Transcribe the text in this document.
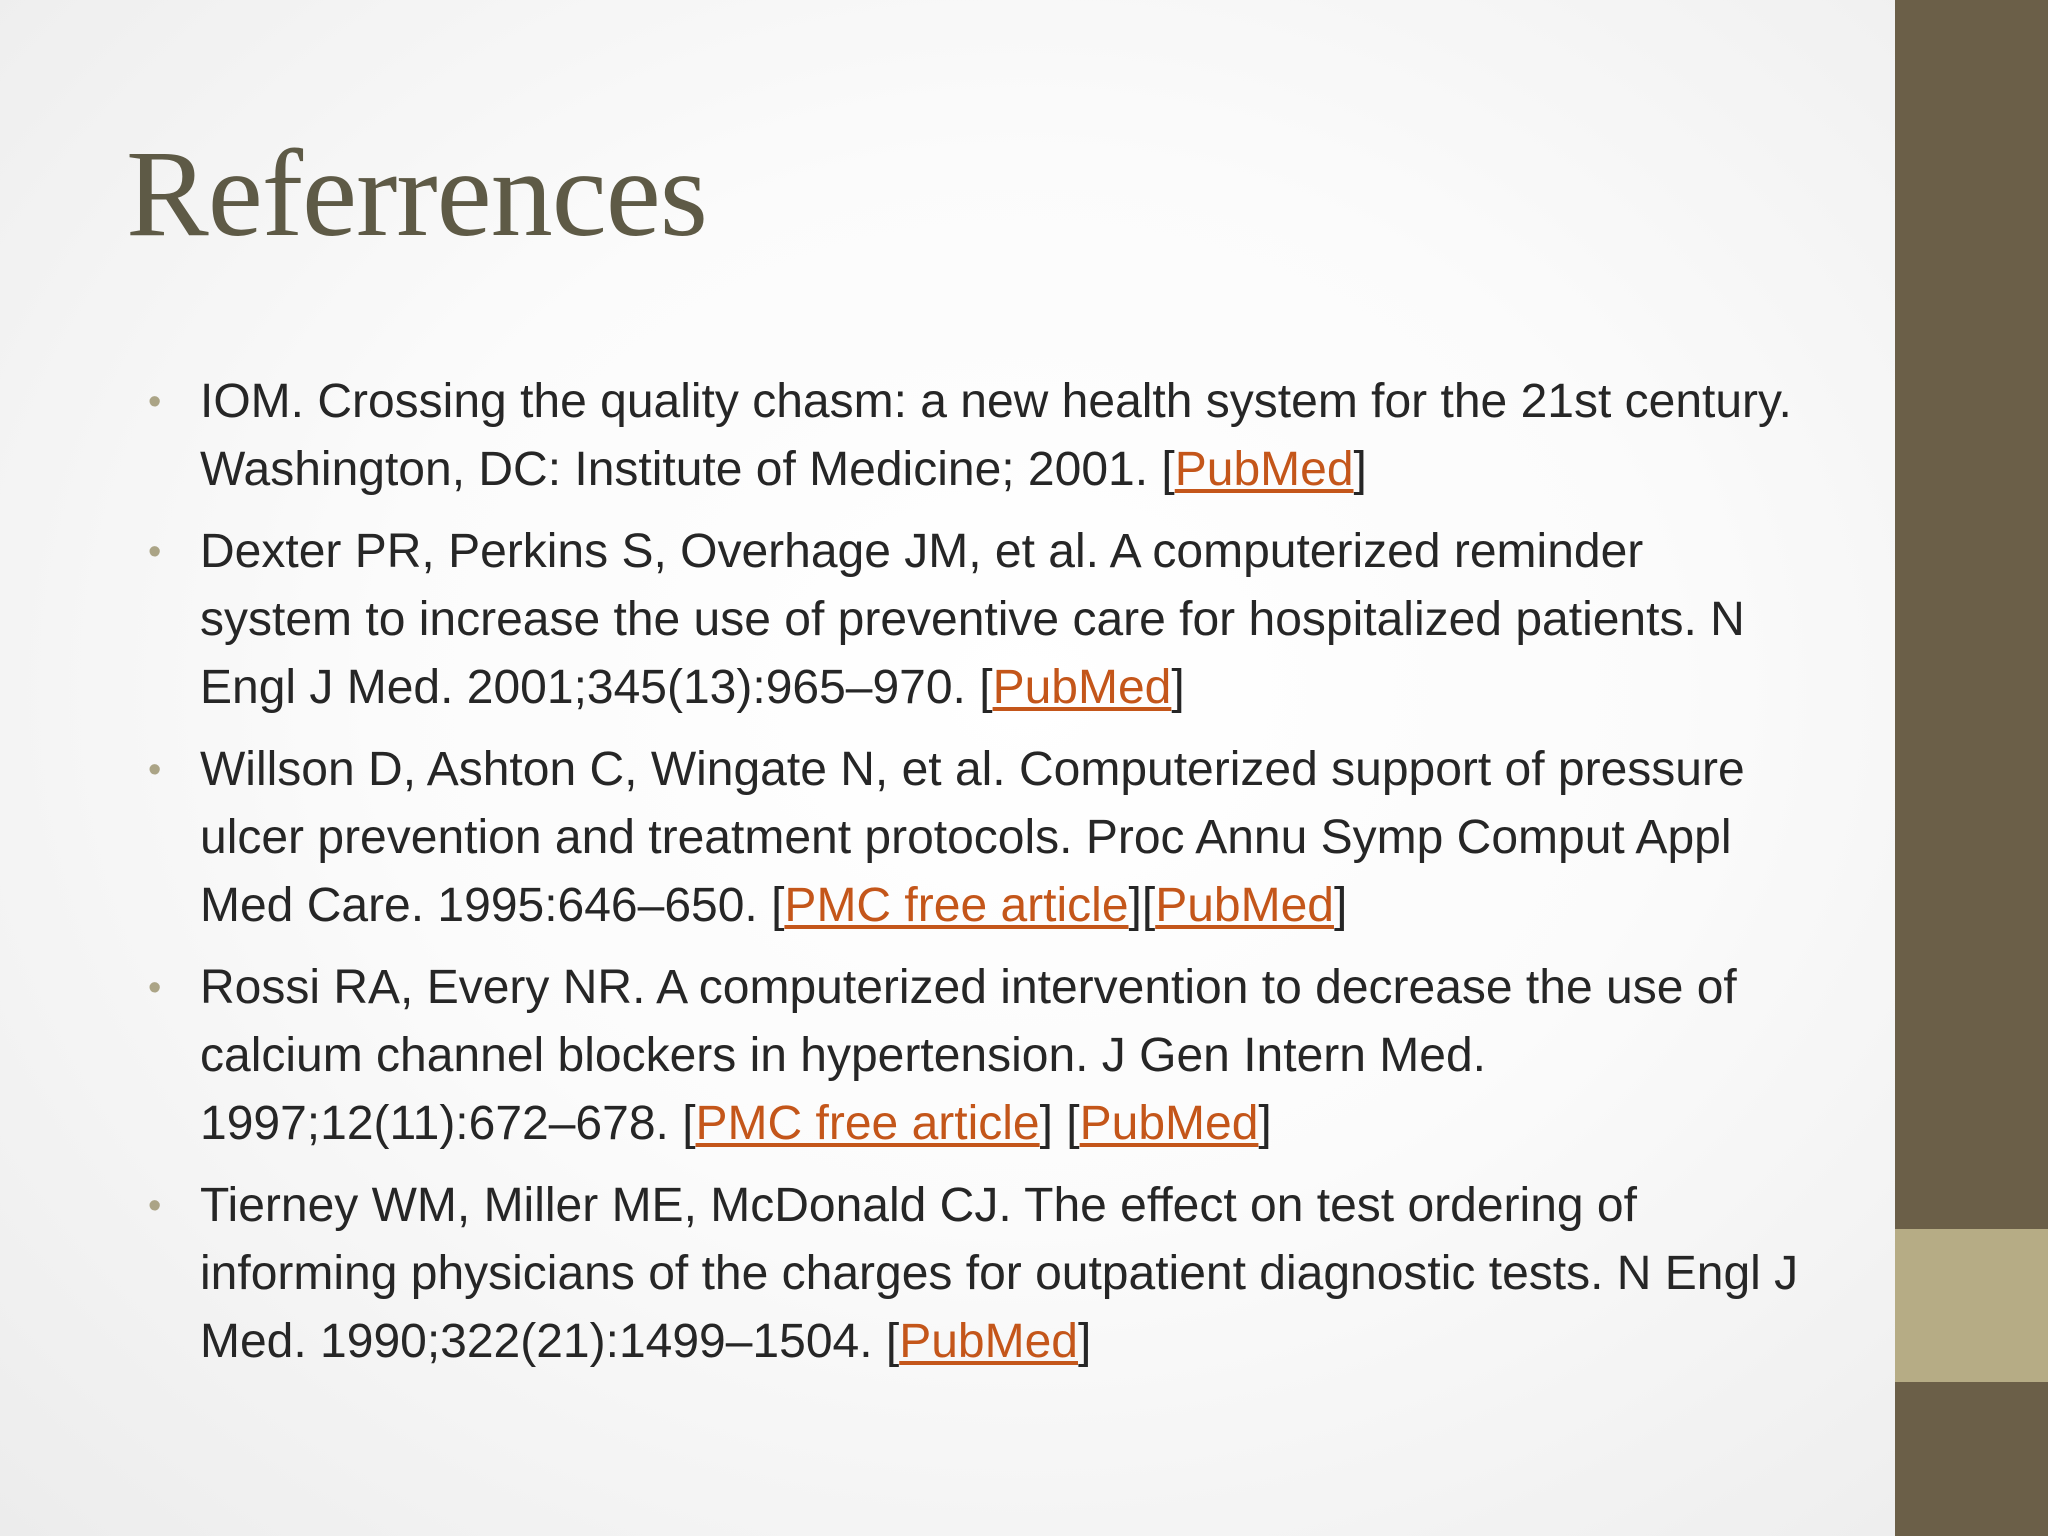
Referrences
• IOM. Crossing the quality chasm: a new health system for the 21st century. Washington, DC: Institute of Medicine; 2001. [PubMed]
• Dexter PR, Perkins S, Overhage JM, et al. A computerized reminder system to increase the use of preventive care for hospitalized patients. N Engl J Med. 2001;345(13):965–970. [PubMed]
• Willson D, Ashton C, Wingate N, et al. Computerized support of pressure ulcer prevention and treatment protocols. Proc Annu Symp Comput Appl Med Care. 1995:646–650. [PMC free article][PubMed]
• Rossi RA, Every NR. A computerized intervention to decrease the use of calcium channel blockers in hypertension. J Gen Intern Med. 1997;12(11):672–678. [PMC free article] [PubMed]
• Tierney WM, Miller ME, McDonald CJ. The effect on test ordering of informing physicians of the charges for outpatient diagnostic tests. N Engl J Med. 1990;322(21):1499–1504. [PubMed]
